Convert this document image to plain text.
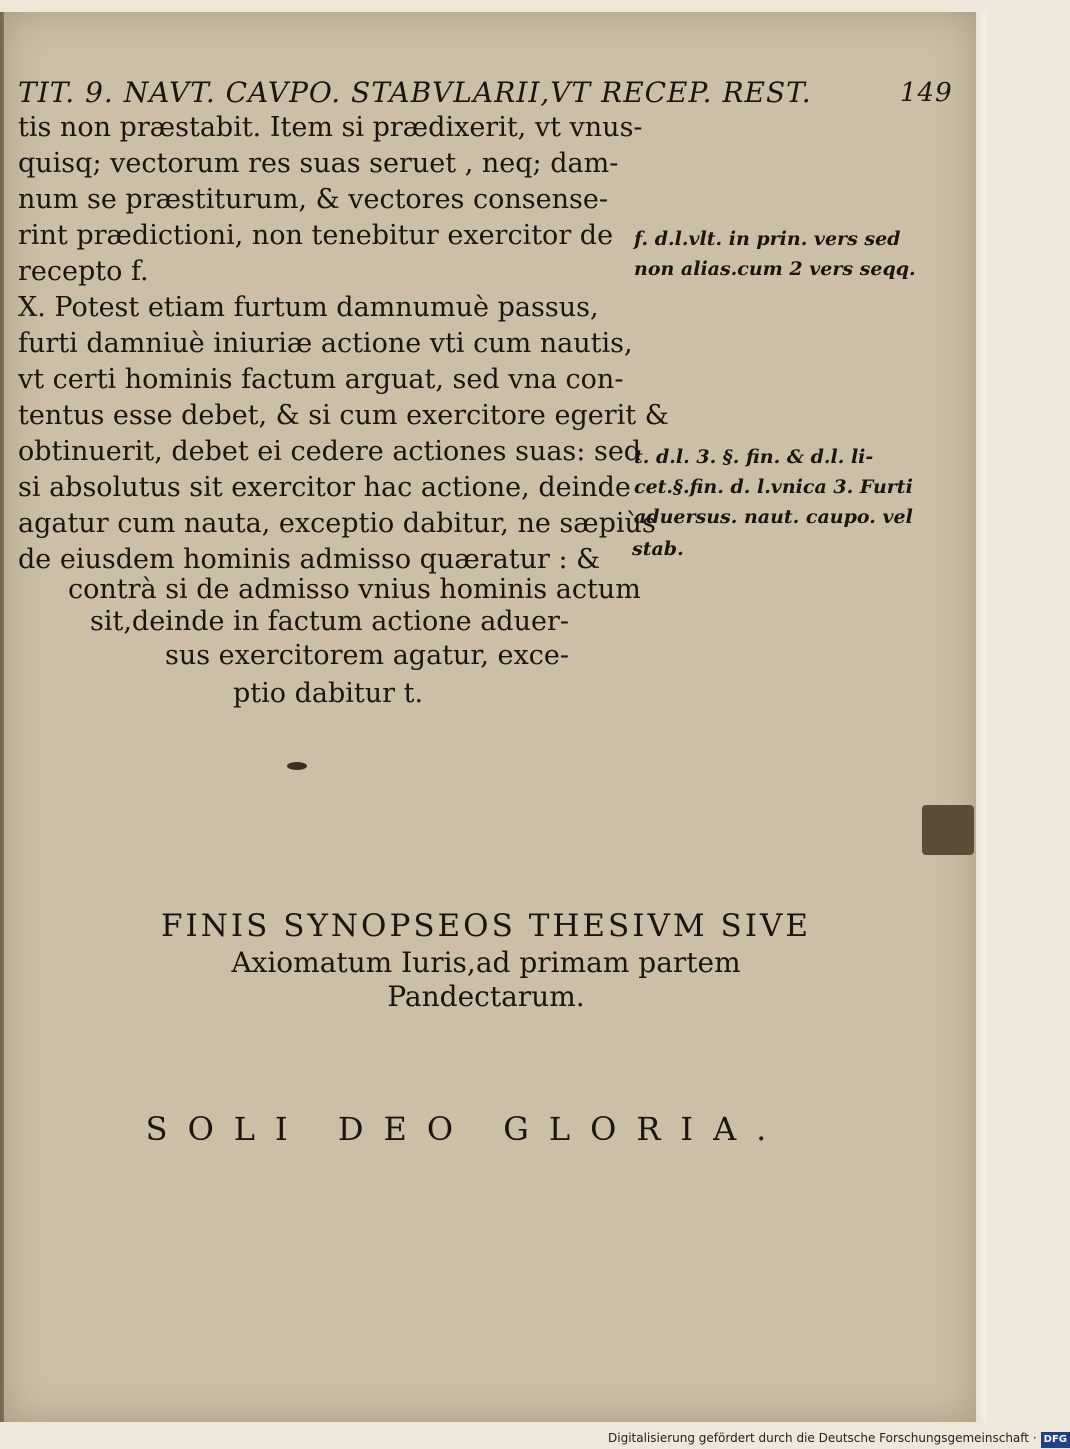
TIT. 9. NAVT. CAVPO. STABVLARII,VT RECEP. REST.	149
tis non præstabit. Item si prædixerit, vt vnus-
quisq; vectorum res suas seruet , neq; dam-
num se præstiturum, & vectores consense-
rint prædictioni, non tenebitur exercitor de
recepto f.
X. Potest etiam furtum damnumuè passus,
furti damniuè iniuriæ actione vti cum nautis,
vt certi hominis factum arguat, sed vna con-
tentus esse debet, & si cum exercitore egerit &
obtinuerit, debet ei cedere actiones suas: sed
si absolutus sit exercitor hac actione, deinde
agatur cum nauta, exceptio dabitur, ne sæpiùs
de eiusdem hominis admisso quæratur : &
contrà si de admisso vnius hominis actum
sit,deinde in factum actione aduer-
sus exercitorem agatur, exce-
ptio dabitur t.
f. d.l.vlt. in prin. vers sed
non alias.cum 2 vers seqq.
t. d.l. 3. §. fin. & d.l. li-
cet.§.fin. d. l.vnica 3. Furti
aduersus. naut. caupo. vel
stab.
FINIS SYNOPSEOS THESIVM SIVE
Axiomatum Iuris,ad primam partem
Pandectarum.
SOLI DEO GLORIA.
Digitalisierung gefördert durch die Deutsche Forschungsgemeinschaft · DFG
